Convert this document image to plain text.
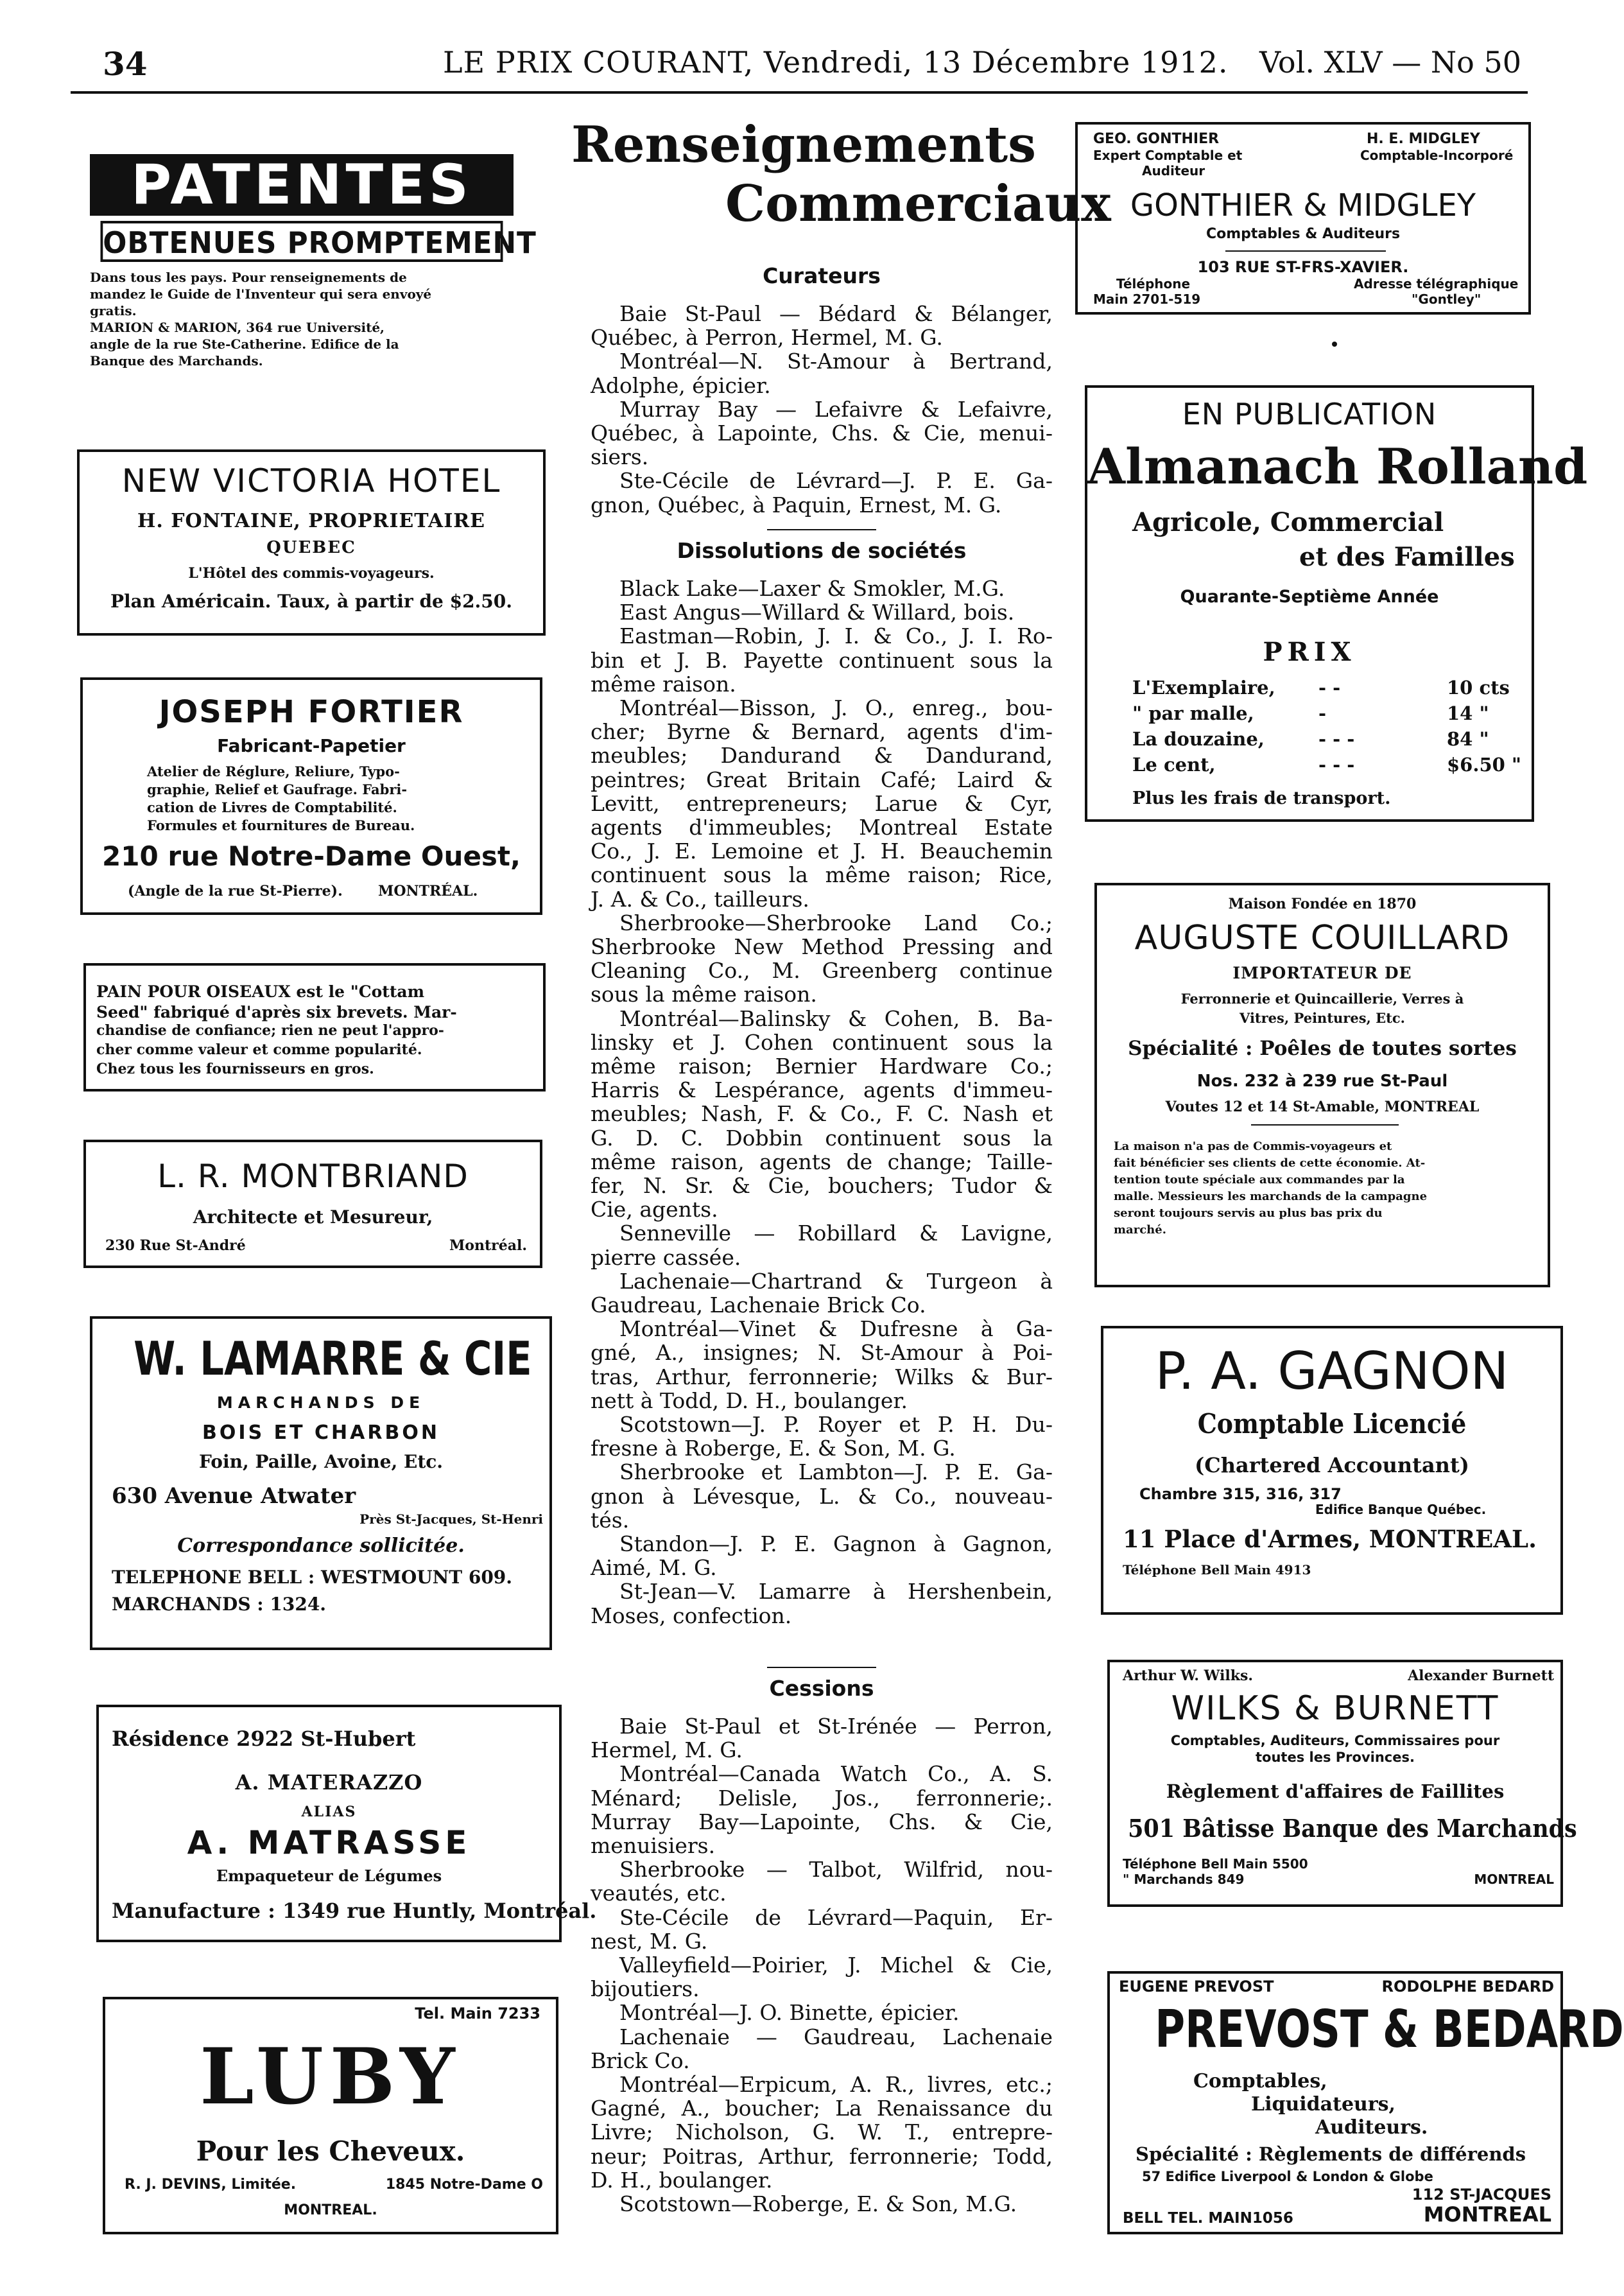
34	LE PRIX COURANT, Vendredi, 13 Décembre 1912. Vol. XLV — No 50
PATENTES
OBTENUES PROMPTEMENT
Dans tous les pays. Pour renseignements de
mandez le Guide de l'Inventeur qui sera envoyé
gratis.
MARION & MARION, 364 rue Université,
angle de la rue Ste-Catherine. Edifice de la
Banque des Marchands.
NEW VICTORIA HOTEL
H. FONTAINE, PROPRIETAIRE
QUEBEC
L'Hôtel des commis-voyageurs.
Plan Américain. Taux, à partir de $2.50.
JOSEPH FORTIER
Fabricant-Papetier
Atelier de Réglure, Reliure, Typo-
graphie, Relief et Gaufrage. Fabri-
cation de Livres de Comptabilité.
Formules et fournitures de Bureau.
210 rue Notre-Dame Ouest,
(Angle de la rue St-Pierre).	MONTRÉAL.
PAIN POUR OISEAUX est le "Cottam
Seed" fabriqué d'après six brevets. Mar-
chandise de confiance; rien ne peut l'appro-
cher comme valeur et comme popularité.
Chez tous les fournisseurs en gros.
L. R. MONTBRIAND
Architecte et Mesureur,
230 Rue St-André	Montréal.
W. LAMARRE & CIE
MARCHANDS DE
BOIS ET CHARBON
Foin, Paille, Avoine, Etc.
630 Avenue Atwater
Près St-Jacques, St-Henri
Correspondance sollicitée.
TELEPHONE BELL : WESTMOUNT 609.
MARCHANDS : 1324.
Résidence 2922 St-Hubert
A. MATERAZZO
ALIAS
A. MATRASSE
Empaqueteur de Légumes
Manufacture : 1349 rue Huntly, Montréal.
Tel. Main 7233
LUBY
Pour les Cheveux.
R. J. DEVINS, Limitée.	1845 Notre-Dame O
MONTREAL.
Renseignements
Commerciaux
Curateurs
Baie St-Paul — Bédard & Bélanger,
Québec, à Perron, Hermel, M. G.
Montréal—N. St-Amour à Bertrand,
Adolphe, épicier.
Murray Bay — Lefaivre & Lefaivre,
Québec, à Lapointe, Chs. & Cie, menui-
siers.
Ste-Cécile de Lévrard—J. P. E. Ga-
gnon, Québec, à Paquin, Ernest, M. G.
Dissolutions de sociétés
Black Lake—Laxer & Smokler, M.G.
East Angus—Willard & Willard, bois.
Eastman—Robin, J. I. & Co., J. I. Ro-
bin et J. B. Payette continuent sous la
même raison.
Montréal—Bisson, J. O., enreg., bou-
cher; Byrne & Bernard, agents d'im-
meubles; Dandurand & Dandurand,
peintres; Great Britain Café; Laird &
Levitt, entrepreneurs; Larue & Cyr,
agents d'immeubles; Montreal Estate
Co., J. E. Lemoine et J. H. Beauchemin
continuent sous la même raison; Rice,
J. A. & Co., tailleurs.
Sherbrooke—Sherbrooke Land Co.;
Sherbrooke New Method Pressing and
Cleaning Co., M. Greenberg continue
sous la même raison.
Montréal—Balinsky & Cohen, B. Ba-
linsky et J. Cohen continuent sous la
même raison; Bernier Hardware Co.;
Harris & Lespérance, agents d'immeu-
meubles; Nash, F. & Co., F. C. Nash et
G. D. C. Dobbin continuent sous la
même raison, agents de change; Taille-
fer, N. Sr. & Cie, bouchers; Tudor &
Cie, agents.
Senneville — Robillard & Lavigne,
pierre cassée.
Lachenaie—Chartrand & Turgeon à
Gaudreau, Lachenaie Brick Co.
Montréal—Vinet & Dufresne à Ga-
gné, A., insignes; N. St-Amour à Poi-
tras, Arthur, ferronnerie; Wilks & Bur-
nett à Todd, D. H., boulanger.
Scotstown—J. P. Royer et P. H. Du-
fresne à Roberge, E. & Son, M. G.
Sherbrooke et Lambton—J. P. E. Ga-
gnon à Lévesque, L. & Co., nouveau-
tés.
Standon—J. P. E. Gagnon à Gagnon,
Aimé, M. G.
St-Jean—V. Lamarre à Hershenbein,
Moses, confection.
Cessions
Baie St-Paul et St-Irénée — Perron,
Hermel, M. G.
Montréal—Canada Watch Co., A. S.
Ménard; Delisle, Jos., ferronnerie;.
Murray Bay—Lapointe, Chs. & Cie,
menuisiers.
Sherbrooke — Talbot, Wilfrid, nou-
veautés, etc.
Ste-Cécile de Lévrard—Paquin, Er-
nest, M. G.
Valleyfield—Poirier, J. Michel & Cie,
bijoutiers.
Montréal—J. O. Binette, épicier.
Lachenaie — Gaudreau, Lachenaie
Brick Co.
Montréal—Erpicum, A. R., livres, etc.;
Gagné, A., boucher; La Renaissance du
Livre; Nicholson, G. W. T., entrepre-
neur; Poitras, Arthur, ferronnerie; Todd,
D. H., boulanger.
Scotstown—Roberge, E. & Son, M.G.
GEO. GONTHIER
Expert Comptable et
Auditeur
H. E. MIDGLEY
Comptable-Incorporé
GONTHIER & MIDGLEY
Comptables & Auditeurs
103 RUE ST-FRS-XAVIER.
Téléphone
Main 2701-519
Adresse télégraphique
"Gontley"
EN PUBLICATION
Almanach Rolland
Agricole, Commercial
et des Familles
Quarante-Septième Année
PRIX
L'Exemplaire, - -	10 cts
" par malle,	-	14 "
La douzaine,	- - -	84 "
Le cent,	- - -	$6.50 "
Plus les frais de transport.
Maison Fondée en 1870
AUGUSTE COUILLARD
IMPORTATEUR DE
Ferronnerie et Quincaillerie, Verres à
Vitres, Peintures, Etc.
Spécialité : Poêles de toutes sortes
Nos. 232 à 239 rue St-Paul
Voutes 12 et 14 St-Amable, MONTREAL
La maison n'a pas de Commis-voyageurs et
fait bénéficier ses clients de cette économie. At-
tention toute spéciale aux commandes par la
malle. Messieurs les marchands de la campagne
seront toujours servis au plus bas prix du
marché.
P. A. GAGNON
Comptable Licencié
(Chartered Accountant)
Chambre 315, 316, 317
Edifice Banque Québec.
11 Place d'Armes, MONTREAL.
Téléphone Bell Main 4913
Arthur W. Wilks.	Alexander Burnett
WILKS & BURNETT
Comptables, Auditeurs, Commissaires pour
toutes les Provinces.
Règlement d'affaires de Faillites
501 Bâtisse Banque des Marchands
Téléphone Bell Main 5500
" Marchands 849	MONTREAL
EUGENE PREVOST	RODOLPHE BEDARD
PREVOST & BEDARD
Comptables,
Liquidateurs,
Auditeurs.
Spécialité : Règlements de différends
57 Edifice Liverpool & London & Globe
112 ST-JACQUES
BELL TEL. MAIN1056	MONTREAL
